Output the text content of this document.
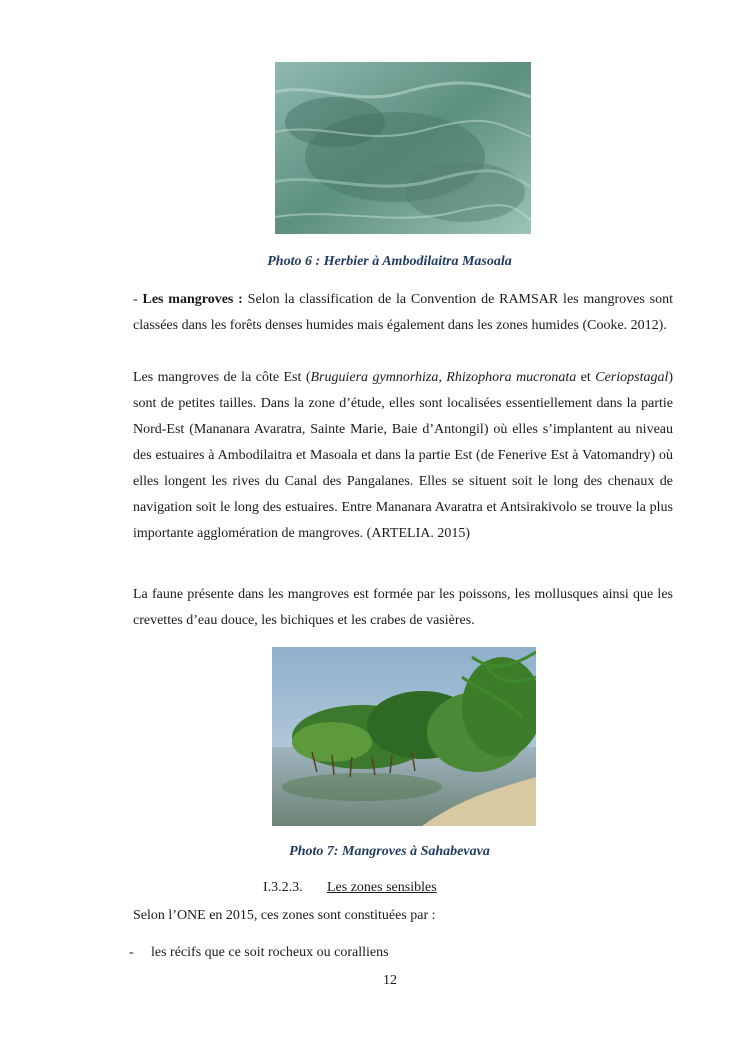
Photo 6 : Herbier à Ambodilaitra Masoala
- Les mangroves : Selon la classification de la Convention de RAMSAR les mangroves sont classées dans les forêts denses humides mais également dans les zones humides (Cooke. 2012).
Les mangroves de la côte Est (Bruguiera gymnorhiza, Rhizophora mucronata et Ceriopstagal) sont de petites tailles. Dans la zone d’étude, elles sont localisées essentiellement dans la partie Nord-Est (Mananara Avaratra, Sainte Marie, Baie d’Antongil) où elles s’implantent au niveau des estuaires à Ambodilaitra et Masoala et dans la partie Est (de Fenerive Est à Vatomandry) où elles longent les rives du Canal des Pangalanes. Elles se situent soit le long des chenaux de navigation soit le long des estuaires. Entre Mananara Avaratra et Antsirakivolo se trouve la plus importante agglomération de mangroves. (ARTELIA. 2015)
La faune présente dans les mangroves est formée par les poissons, les mollusques ainsi que les crevettes d’eau douce, les bichiques et les crabes de vasières.
Photo 7: Mangroves à Sahabevava
I.3.2.3. Les zones sensibles
Selon l’ONE en 2015, ces zones sont constituées par :
- les récifs que ce soit rocheux ou coralliens
12
